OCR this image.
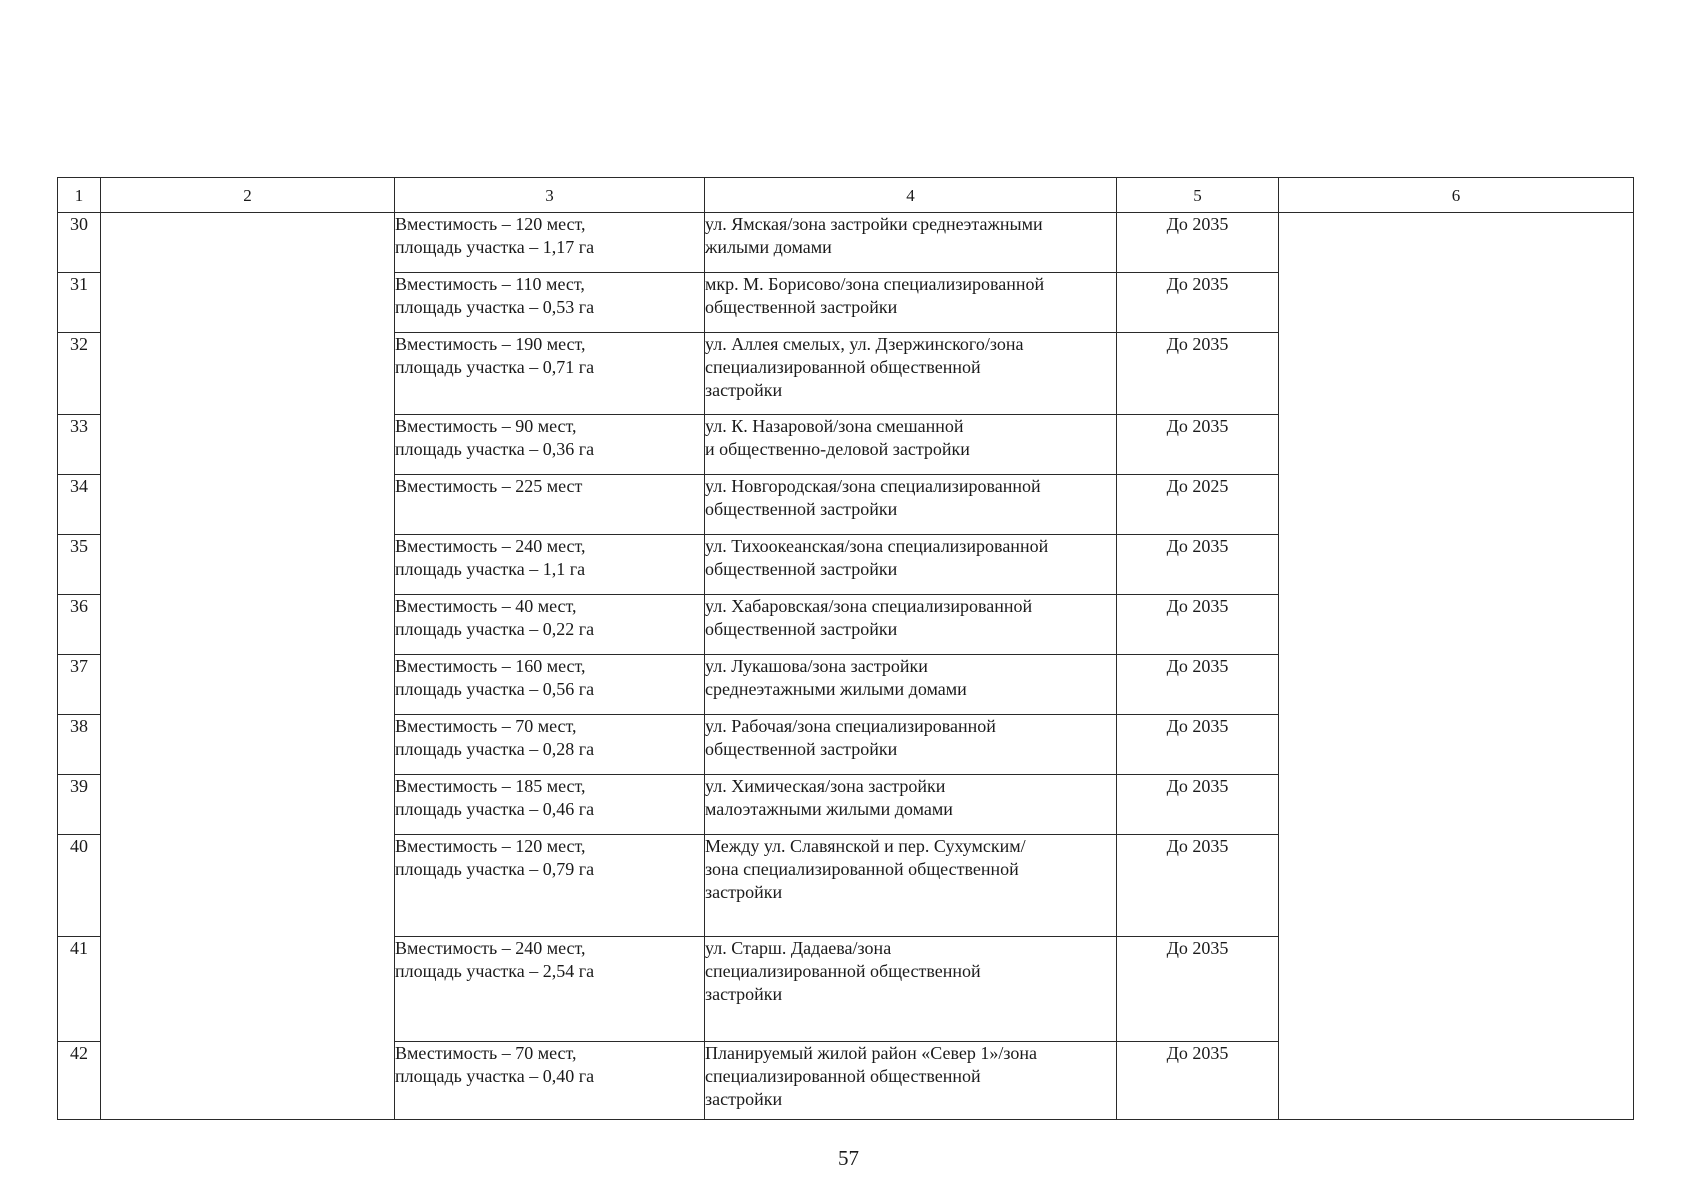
1	2	3	4	5	6
30		Вместимость – 120 мест,
площадь участка – 1,17 га	ул. Ямская/зона застройки среднеэтажными
жилыми домами	До 2035	
31		Вместимость – 110 мест,
площадь участка – 0,53 га	мкр. М. Борисово/зона специализированной
общественной застройки	До 2035	
32		Вместимость – 190 мест,
площадь участка – 0,71 га	ул. Аллея смелых, ул. Дзержинского/зона
специализированной общественной
застройки	До 2035	
33		Вместимость – 90 мест,
площадь участка – 0,36 га	ул. К. Назаровой/зона смешанной
и общественно-деловой застройки	До 2035	
34		Вместимость – 225 мест	ул. Новгородская/зона специализированной
общественной застройки	До 2025	
35		Вместимость – 240 мест,
площадь участка – 1,1 га	ул. Тихоокеанская/зона специализированной
общественной застройки	До 2035	
36		Вместимость – 40 мест,
площадь участка – 0,22 га	ул. Хабаровская/зона специализированной
общественной застройки	До 2035	
37		Вместимость – 160 мест,
площадь участка – 0,56 га	ул. Лукашова/зона застройки
среднеэтажными жилыми домами	До 2035	
38		Вместимость – 70 мест,
площадь участка – 0,28 га	ул. Рабочая/зона специализированной
общественной застройки	До 2035	
39		Вместимость – 185 мест,
площадь участка – 0,46 га	ул. Химическая/зона застройки
малоэтажными жилыми домами	До 2035	
40		Вместимость – 120 мест,
площадь участка – 0,79 га	Между ул. Славянской и пер. Сухумским/
зона специализированной общественной
застройки	До 2035	
41		Вместимость – 240 мест,
площадь участка – 2,54 га	ул. Старш. Дадаева/зона
специализированной общественной
застройки	До 2035	
42		Вместимость – 70 мест,
площадь участка – 0,40 га	Планируемый жилой район «Север 1»/зона
специализированной общественной
застройки	До 2035	
57
